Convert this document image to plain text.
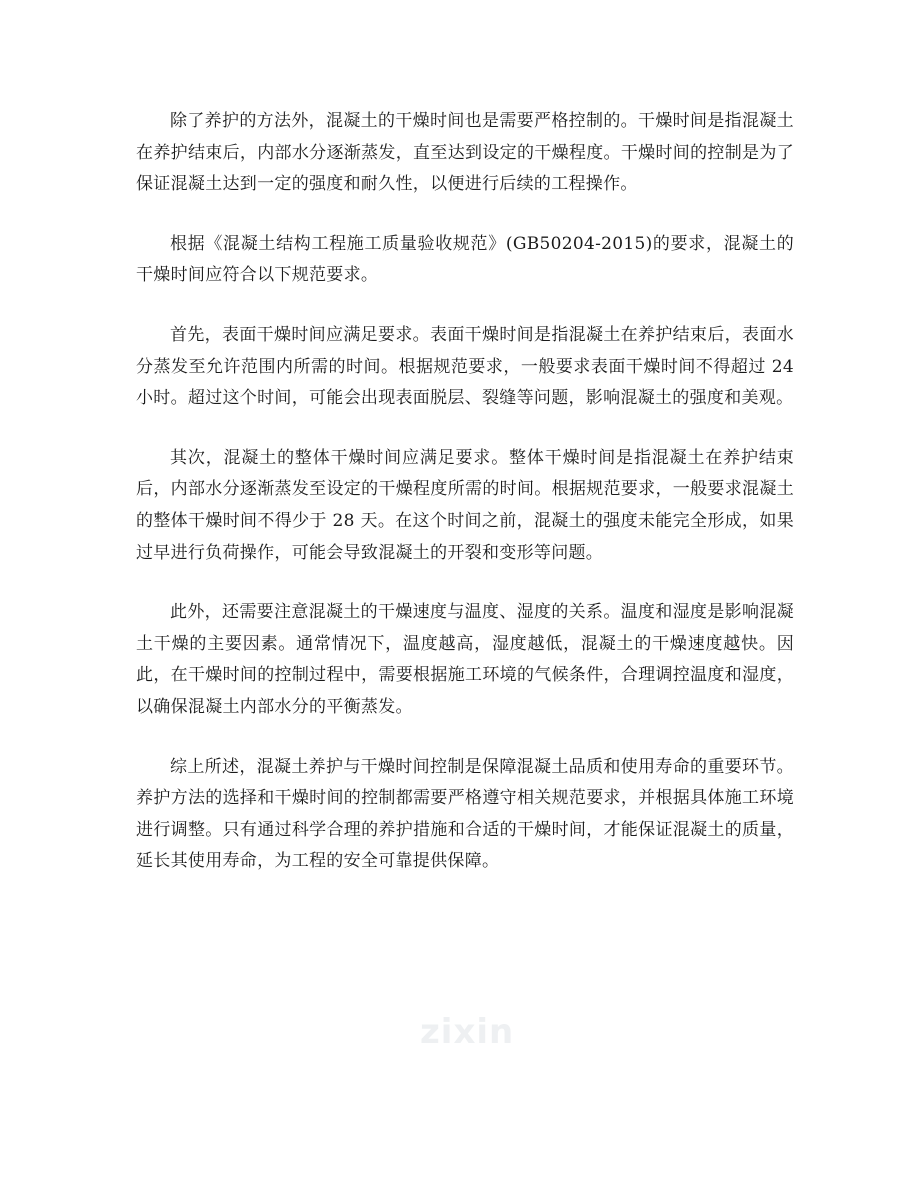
除了养护的方法外，混凝土的干燥时间也是需要严格控制的。干燥时间是指混凝土在养护结束后，内部水分逐渐蒸发，直至达到设定的干燥程度。干燥时间的控制是为了保证混凝土达到一定的强度和耐久性，以便进行后续的工程操作。

根据《混凝土结构工程施工质量验收规范》(GB50204-2015)的要求，混凝土的干燥时间应符合以下规范要求。

首先，表面干燥时间应满足要求。表面干燥时间是指混凝土在养护结束后，表面水分蒸发至允许范围内所需的时间。根据规范要求，一般要求表面干燥时间不得超过 24 小时。超过这个时间，可能会出现表面脱层、裂缝等问题，影响混凝土的强度和美观。

其次，混凝土的整体干燥时间应满足要求。整体干燥时间是指混凝土在养护结束后，内部水分逐渐蒸发至设定的干燥程度所需的时间。根据规范要求，一般要求混凝土的整体干燥时间不得少于 28 天。在这个时间之前，混凝土的强度未能完全形成，如果过早进行负荷操作，可能会导致混凝土的开裂和变形等问题。

此外，还需要注意混凝土的干燥速度与温度、湿度的关系。温度和湿度是影响混凝土干燥的主要因素。通常情况下，温度越高，湿度越低，混凝土的干燥速度越快。因此，在干燥时间的控制过程中，需要根据施工环境的气候条件，合理调控温度和湿度，以确保混凝土内部水分的平衡蒸发。

综上所述，混凝土养护与干燥时间控制是保障混凝土品质和使用寿命的重要环节。养护方法的选择和干燥时间的控制都需要严格遵守相关规范要求，并根据具体施工环境进行调整。只有通过科学合理的养护措施和合适的干燥时间，才能保证混凝土的质量，延长其使用寿命，为工程的安全可靠提供保障。

zixin
